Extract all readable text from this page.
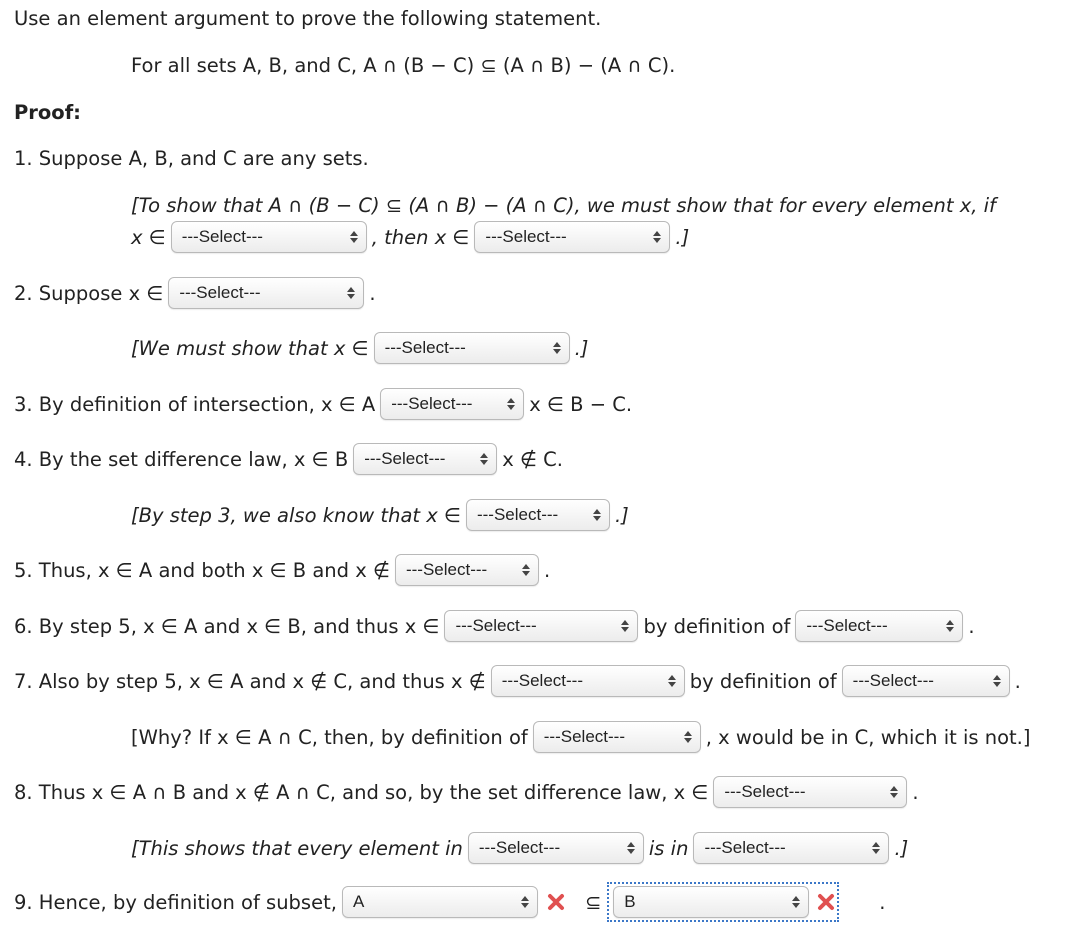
Use an element argument to prove the following statement.
For all sets A, B, and C, A ∩ (B − C) ⊆ (A ∩ B) − (A ∩ C).
Proof:
1. Suppose A, B, and C are any sets.
[To show that A ∩ (B − C) ⊆ (A ∩ B) − (A ∩ C), we must show that for every element x, if
x ∈ ---Select---	, then x ∈ ---Select---	.]
2. Suppose x ∈ ---Select---	.
[We must show that x ∈ ---Select---	.]
3. By definition of intersection, x ∈ A ---Select---	x ∈ B − C.
4. By the set difference law, x ∈ B ---Select---	x ∉ C.
[By step 3, we also know that x ∈ ---Select---	.]
5. Thus, x ∈ A and both x ∈ B and x ∉ ---Select---	.
6. By step 5, x ∈ A and x ∈ B, and thus x ∈ ---Select---	by definition of ---Select---	.
7. Also by step 5, x ∈ A and x ∉ C, and thus x ∉ ---Select---	by definition of ---Select---	.
[Why? If x ∈ A ∩ C, then, by definition of ---Select---	, x would be in C, which it is not.]
8. Thus x ∈ A ∩ B and x ∉ A ∩ C, and so, by the set difference law, x ∈ ---Select---	.
[This shows that every element in ---Select---	is in ---Select---	.]
9. Hence, by definition of subset, A	⊆ B	.
